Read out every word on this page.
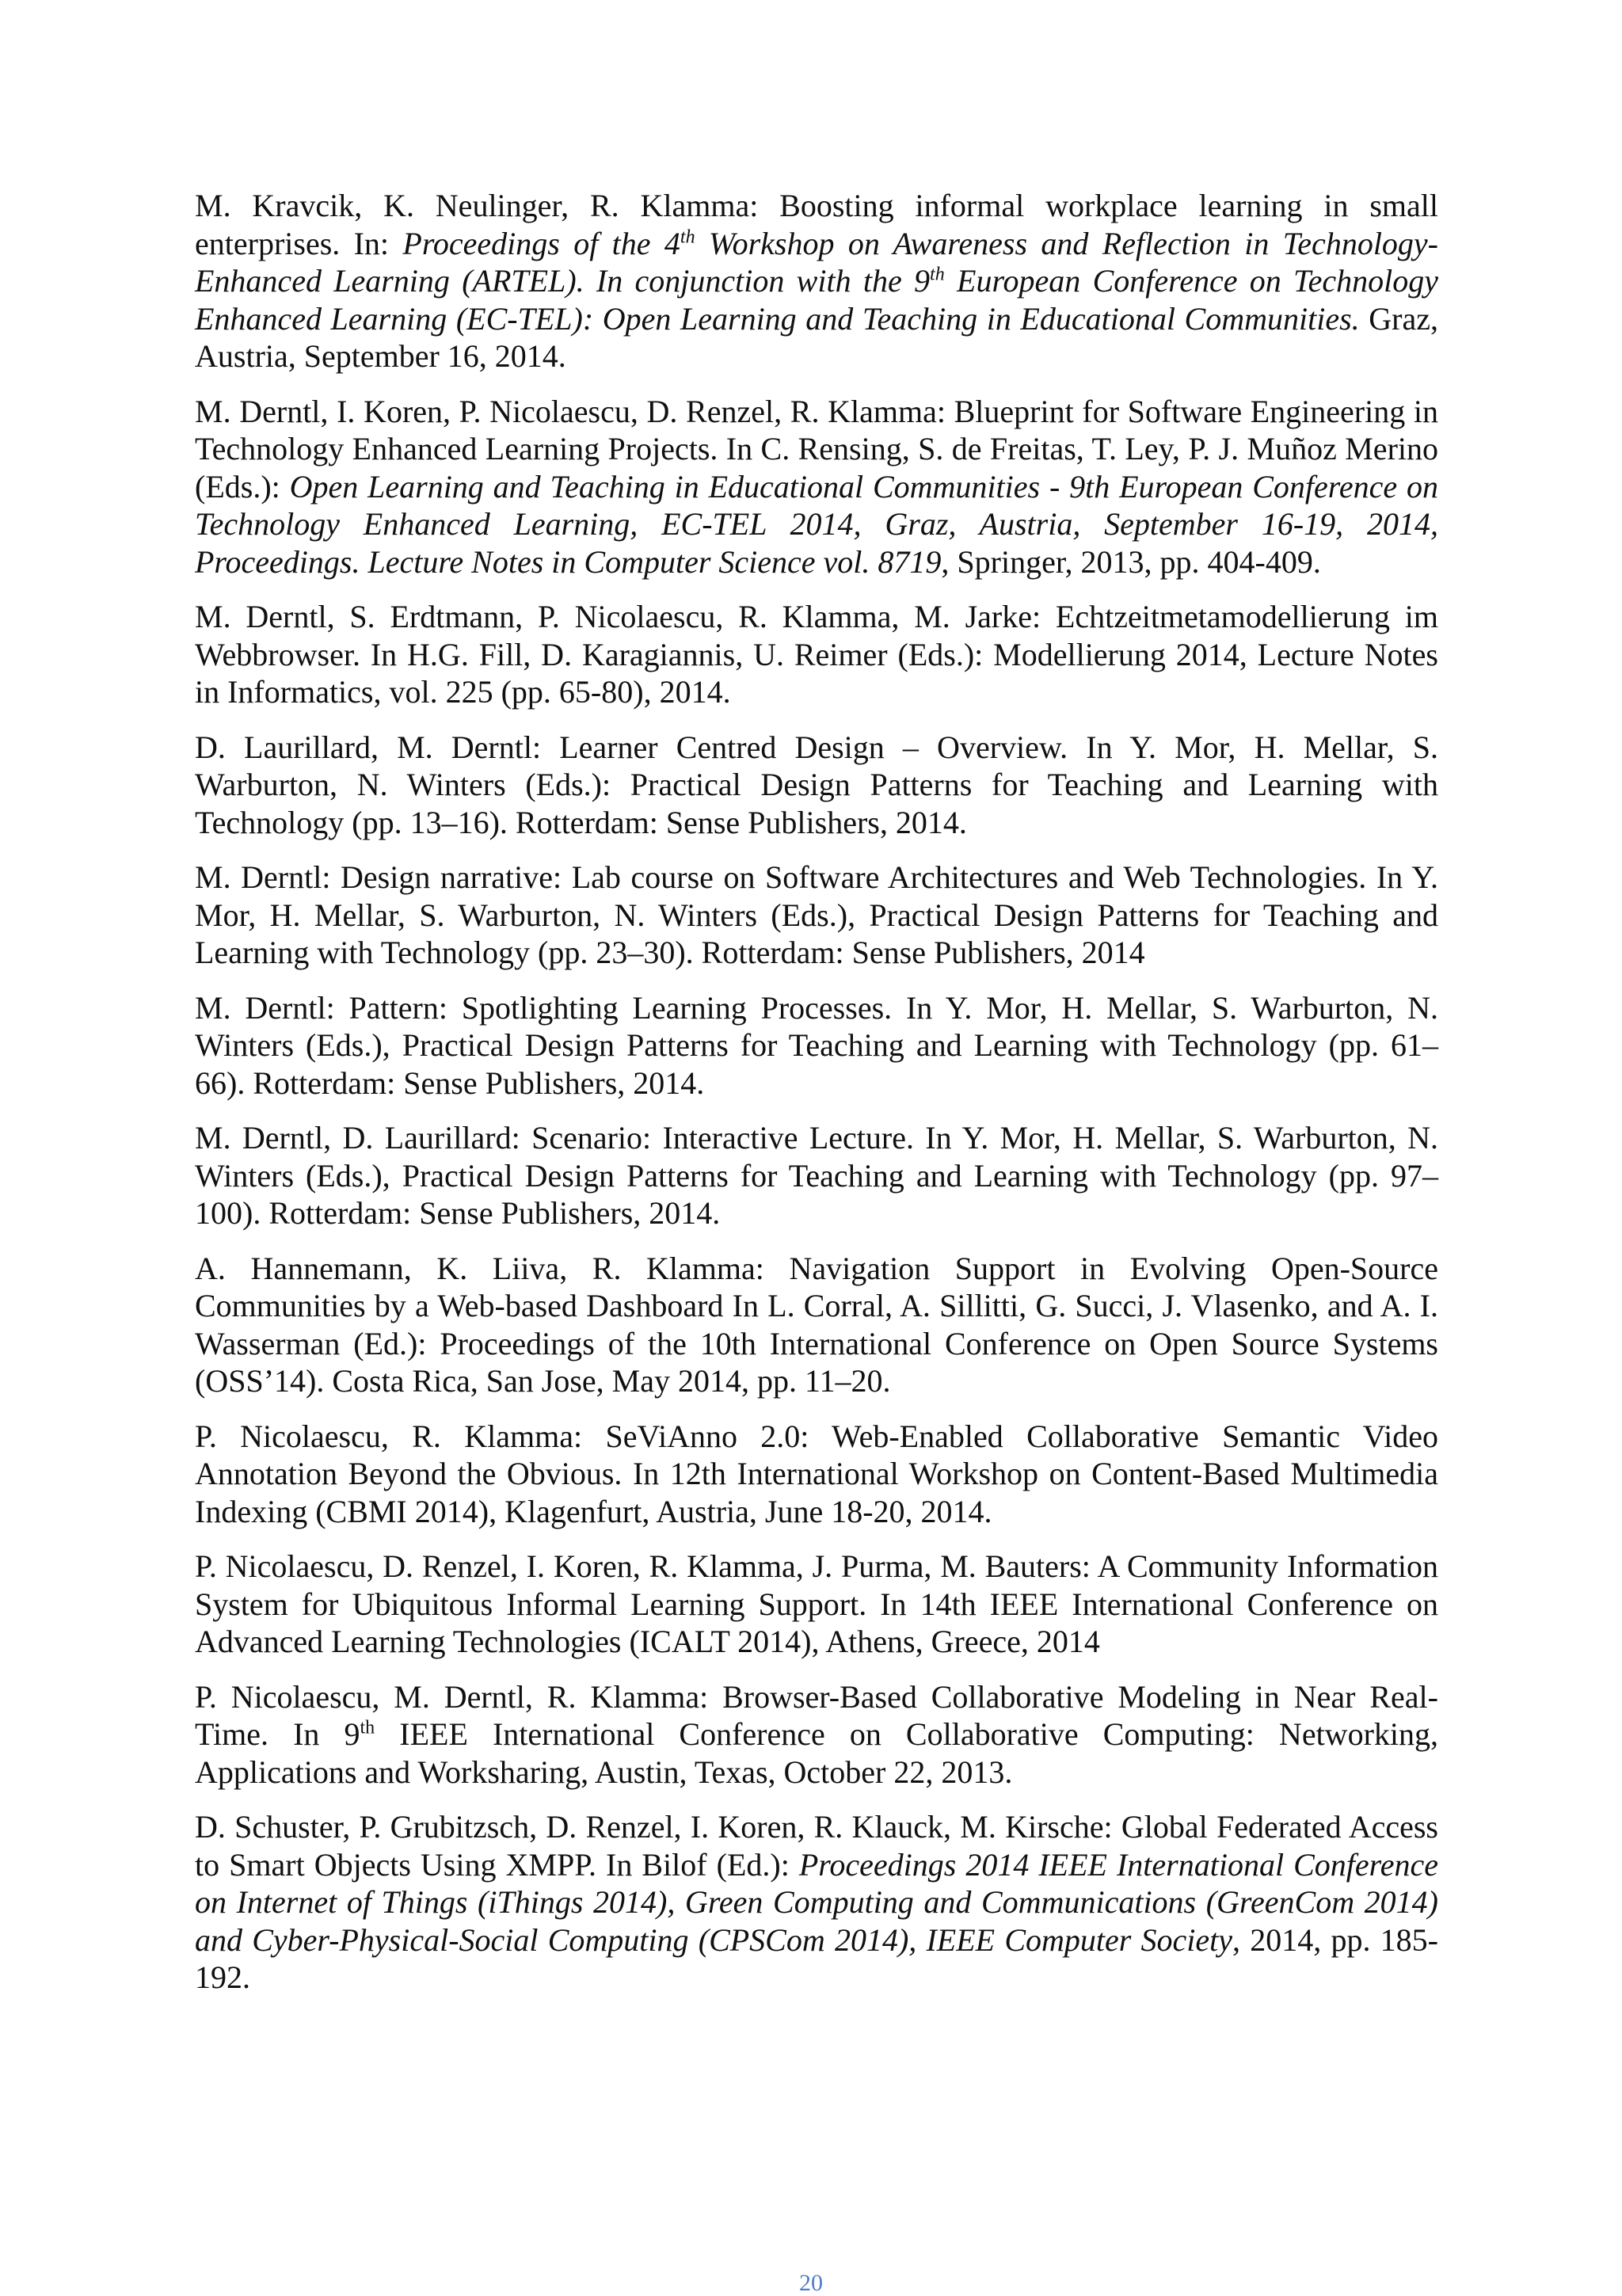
M. Kravcik, K. Neulinger, R. Klamma: Boosting informal workplace learning in small enterprises. In: Proceedings of the 4th Workshop on Awareness and Reflection in Technology-Enhanced Learning (ARTEL). In conjunction with the 9th European Conference on Technology Enhanced Learning (EC-TEL): Open Learning and Teaching in Educational Communities. Graz, Austria, September 16, 2014.

M. Derntl, I. Koren, P. Nicolaescu, D. Renzel, R. Klamma: Blueprint for Software Engineering in Technology Enhanced Learning Projects. In C. Rensing, S. de Freitas, T. Ley, P. J. Muñoz Merino (Eds.): Open Learning and Teaching in Educational Communities - 9th European Conference on Technology Enhanced Learning, EC-TEL 2014, Graz, Austria, September 16-19, 2014, Proceedings. Lecture Notes in Computer Science vol. 8719, Springer, 2013, pp. 404-409.

M. Derntl, S. Erdtmann, P. Nicolaescu, R. Klamma, M. Jarke: Echtzeitmetamodellierung im Webbrowser. In H.G. Fill, D. Karagiannis, U. Reimer (Eds.): Modellierung 2014, Lecture Notes in Informatics, vol. 225 (pp. 65-80), 2014.

D. Laurillard, M. Derntl: Learner Centred Design – Overview. In Y. Mor, H. Mellar, S. Warburton, N. Winters (Eds.): Practical Design Patterns for Teaching and Learning with Technology (pp. 13–16). Rotterdam: Sense Publishers, 2014.

M. Derntl: Design narrative: Lab course on Software Architectures and Web Technologies. In Y. Mor, H. Mellar, S. Warburton, N. Winters (Eds.), Practical Design Patterns for Teaching and Learning with Technology (pp. 23–30). Rotterdam: Sense Publishers, 2014

M. Derntl: Pattern: Spotlighting Learning Processes. In Y. Mor, H. Mellar, S. Warburton, N. Winters (Eds.), Practical Design Patterns for Teaching and Learning with Technology (pp. 61–66). Rotterdam: Sense Publishers, 2014.

M. Derntl, D. Laurillard: Scenario: Interactive Lecture. In Y. Mor, H. Mellar, S. Warburton, N. Winters (Eds.), Practical Design Patterns for Teaching and Learning with Technology (pp. 97–100). Rotterdam: Sense Publishers, 2014.

A. Hannemann, K. Liiva, R. Klamma: Navigation Support in Evolving Open-Source Communities by a Web-based Dashboard In L. Corral, A. Sillitti, G. Succi, J. Vlasenko, and A. I. Wasserman (Ed.): Proceedings of the 10th International Conference on Open Source Systems (OSS’14). Costa Rica, San Jose, May 2014, pp. 11–20.

P. Nicolaescu, R. Klamma: SeViAnno 2.0: Web-Enabled Collaborative Semantic Video Annotation Beyond the Obvious. In 12th International Workshop on Content-Based Multimedia Indexing (CBMI 2014), Klagenfurt, Austria, June 18-20, 2014.

P. Nicolaescu, D. Renzel, I. Koren, R. Klamma, J. Purma, M. Bauters: A Community Information System for Ubiquitous Informal Learning Support. In 14th IEEE International Conference on Advanced Learning Technologies (ICALT 2014), Athens, Greece, 2014

P. Nicolaescu, M. Derntl, R. Klamma: Browser-Based Collaborative Modeling in Near Real-Time. In 9th IEEE International Conference on Collaborative Computing: Networking, Applications and Worksharing, Austin, Texas, October 22, 2013.

D. Schuster, P. Grubitzsch, D. Renzel, I. Koren, R. Klauck, M. Kirsche: Global Federated Access to Smart Objects Using XMPP. In Bilof (Ed.): Proceedings 2014 IEEE International Conference on Internet of Things (iThings 2014), Green Computing and Communications (GreenCom 2014) and Cyber-Physical-Social Computing (CPSCom 2014), IEEE Computer Society, 2014, pp. 185-192.

20
